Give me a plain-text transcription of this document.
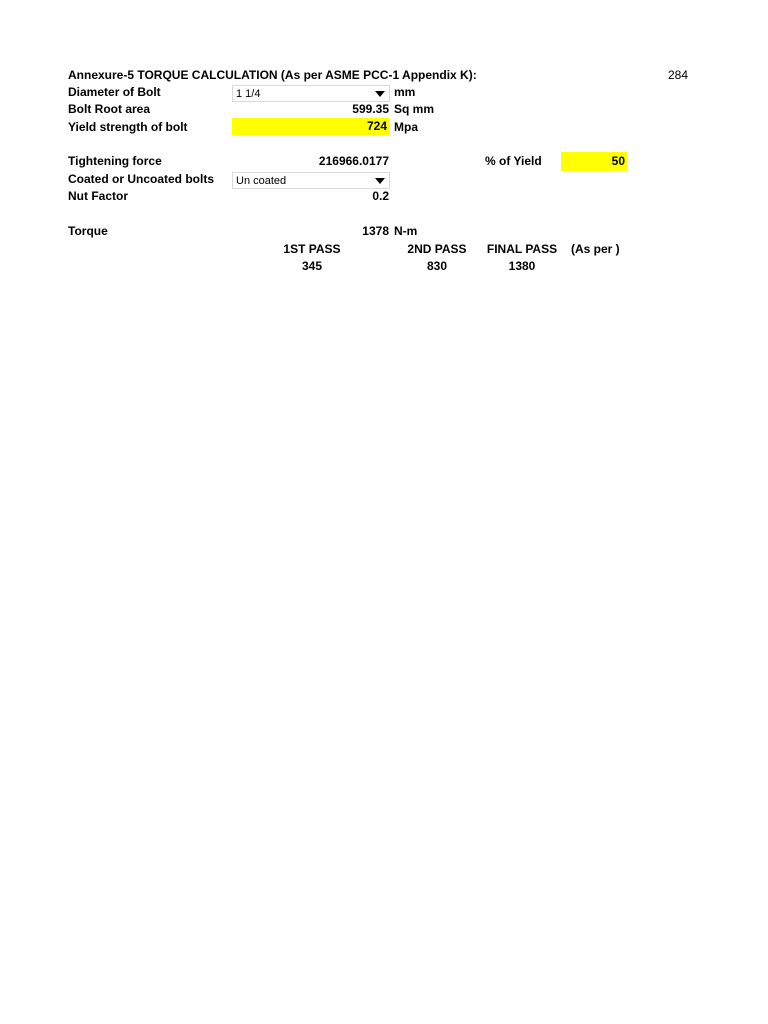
Annexure-5 TORQUE CALCULATION (As per ASME PCC-1 Appendix K):	284
Diameter of Bolt	1 1/4	mm
Bolt Root area	599.35 Sq mm
Yield strength of bolt	724 Mpa
Tightening force	216966.0177	% of Yield	50
Coated or Uncoated bolts	Un coated
Nut Factor	0.2
Torque	1378 N-m
1ST PASS	2ND PASS	FINAL PASS	(As per )
345	830	1380
